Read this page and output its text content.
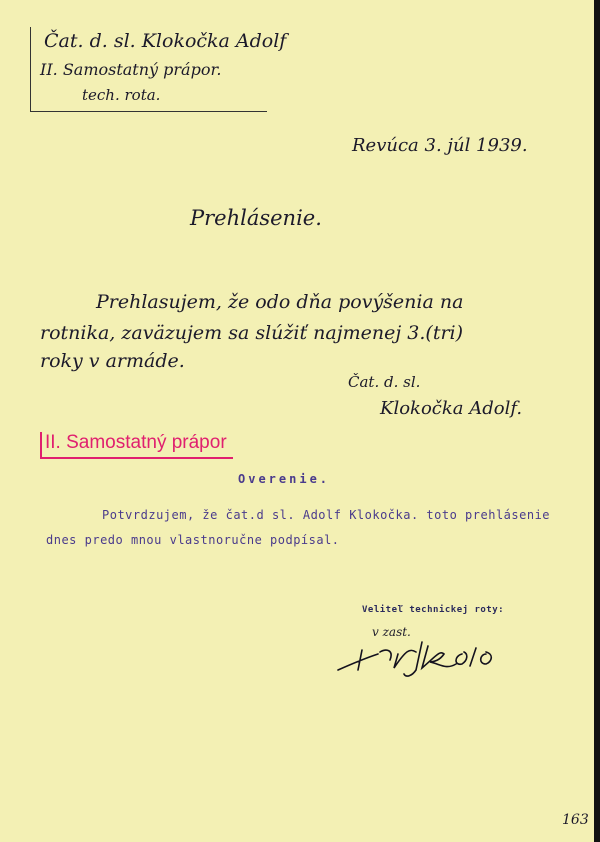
Čat. d. sl. Klokočka Adolf
II. Samostatný prápor.
tech. rota.
Revúca 3. júl 1939.
Prehlásenie.
Prehlasujem, že odo dňa povýšenia na
rotnika, zaväzujem sa slúžiť najmenej 3.(tri)
roky v armáde.
Čat. d. sl.
Klokočka Adolf.
II. Samostatný prápor
Overenie.
Potvrdzujem, že čat.d sl. Adolf Klokočka. toto prehlásenie
dnes predo mnou vlastnoručne podpísal.
Veliteľ technickej roty:
v zast.
163
